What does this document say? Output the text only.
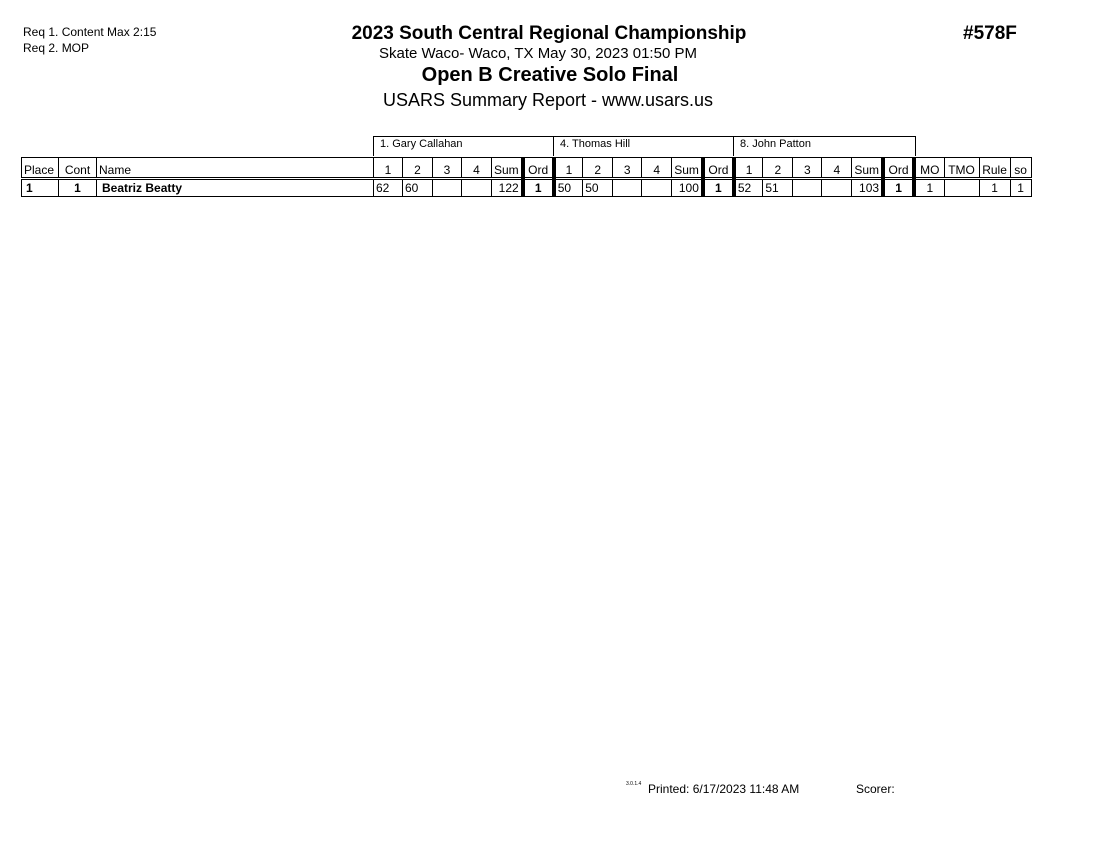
Req 1. Content Max 2:15
Req 2. MOP
2023 South Central Regional Championship
Skate Waco- Waco, TX May 30, 2023 01:50 PM
Open B Creative Solo Final
USARS Summary Report - www.usars.us
#578F
1. Gary Callahan	4. Thomas Hill	8. John Patton
Place	Cont	Name	1	2	3	4	Sum	Ord	1	2	3	4	Sum	Ord	1	2	3	4	Sum	Ord	MO	TMO	Rule	so
1	1	Beatriz Beatty	62	60			122	1	50	50			100	1	52	51			103	1	1		1	1
3.0.1.4 Printed: 6/17/2023 11:48 AM	Scorer:
